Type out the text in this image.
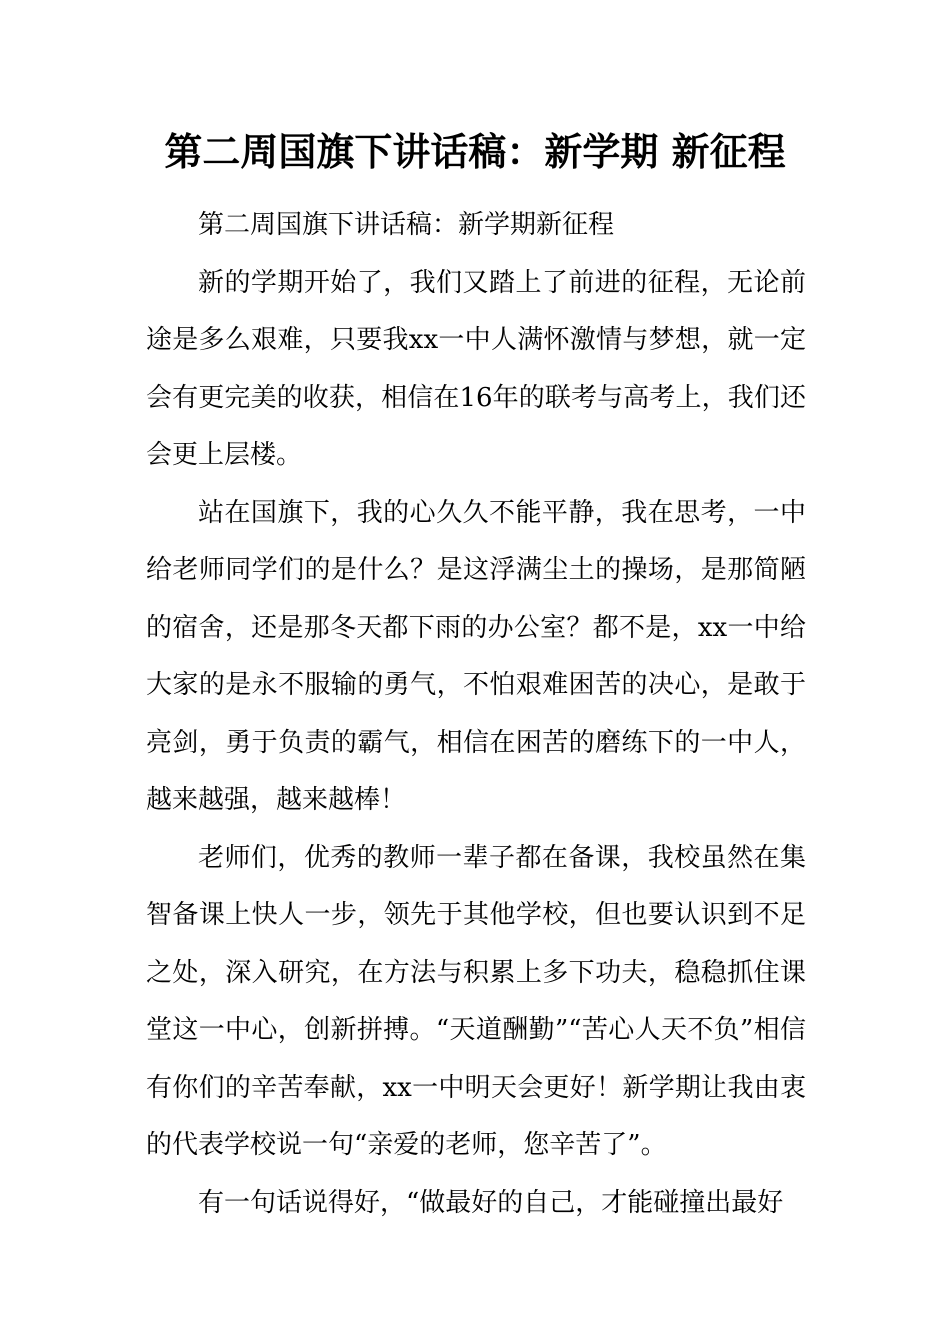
第二周国旗下讲话稿：新学期 新征程

第二周国旗下讲话稿：新学期新征程

新的学期开始了，我们又踏上了前进的征程，无论前途是多么艰难，只要我xx一中人满怀激情与梦想，就一定会有更完美的收获，相信在16年的联考与高考上，我们还会更上层楼。

站在国旗下，我的心久久不能平静，我在思考，一中给老师同学们的是什么？是这浮满尘土的操场，是那简陋的宿舍，还是那冬天都下雨的办公室？都不是，xx一中给大家的是永不服输的勇气，不怕艰难困苦的决心，是敢于亮剑，勇于负责的霸气，相信在困苦的磨练下的一中人，越来越强，越来越棒！

老师们，优秀的教师一辈子都在备课，我校虽然在集智备课上快人一步，领先于其他学校，但也要认识到不足之处，深入研究，在方法与积累上多下功夫，稳稳抓住课堂这一中心，创新拼搏。“天道酬勤”“苦心人天不负”相信有你们的辛苦奉献，xx一中明天会更好！新学期让我由衷的代表学校说一句“亲爱的老师，您辛苦了”。

有一句话说得好，“做最好的自己，才能碰撞出最好
